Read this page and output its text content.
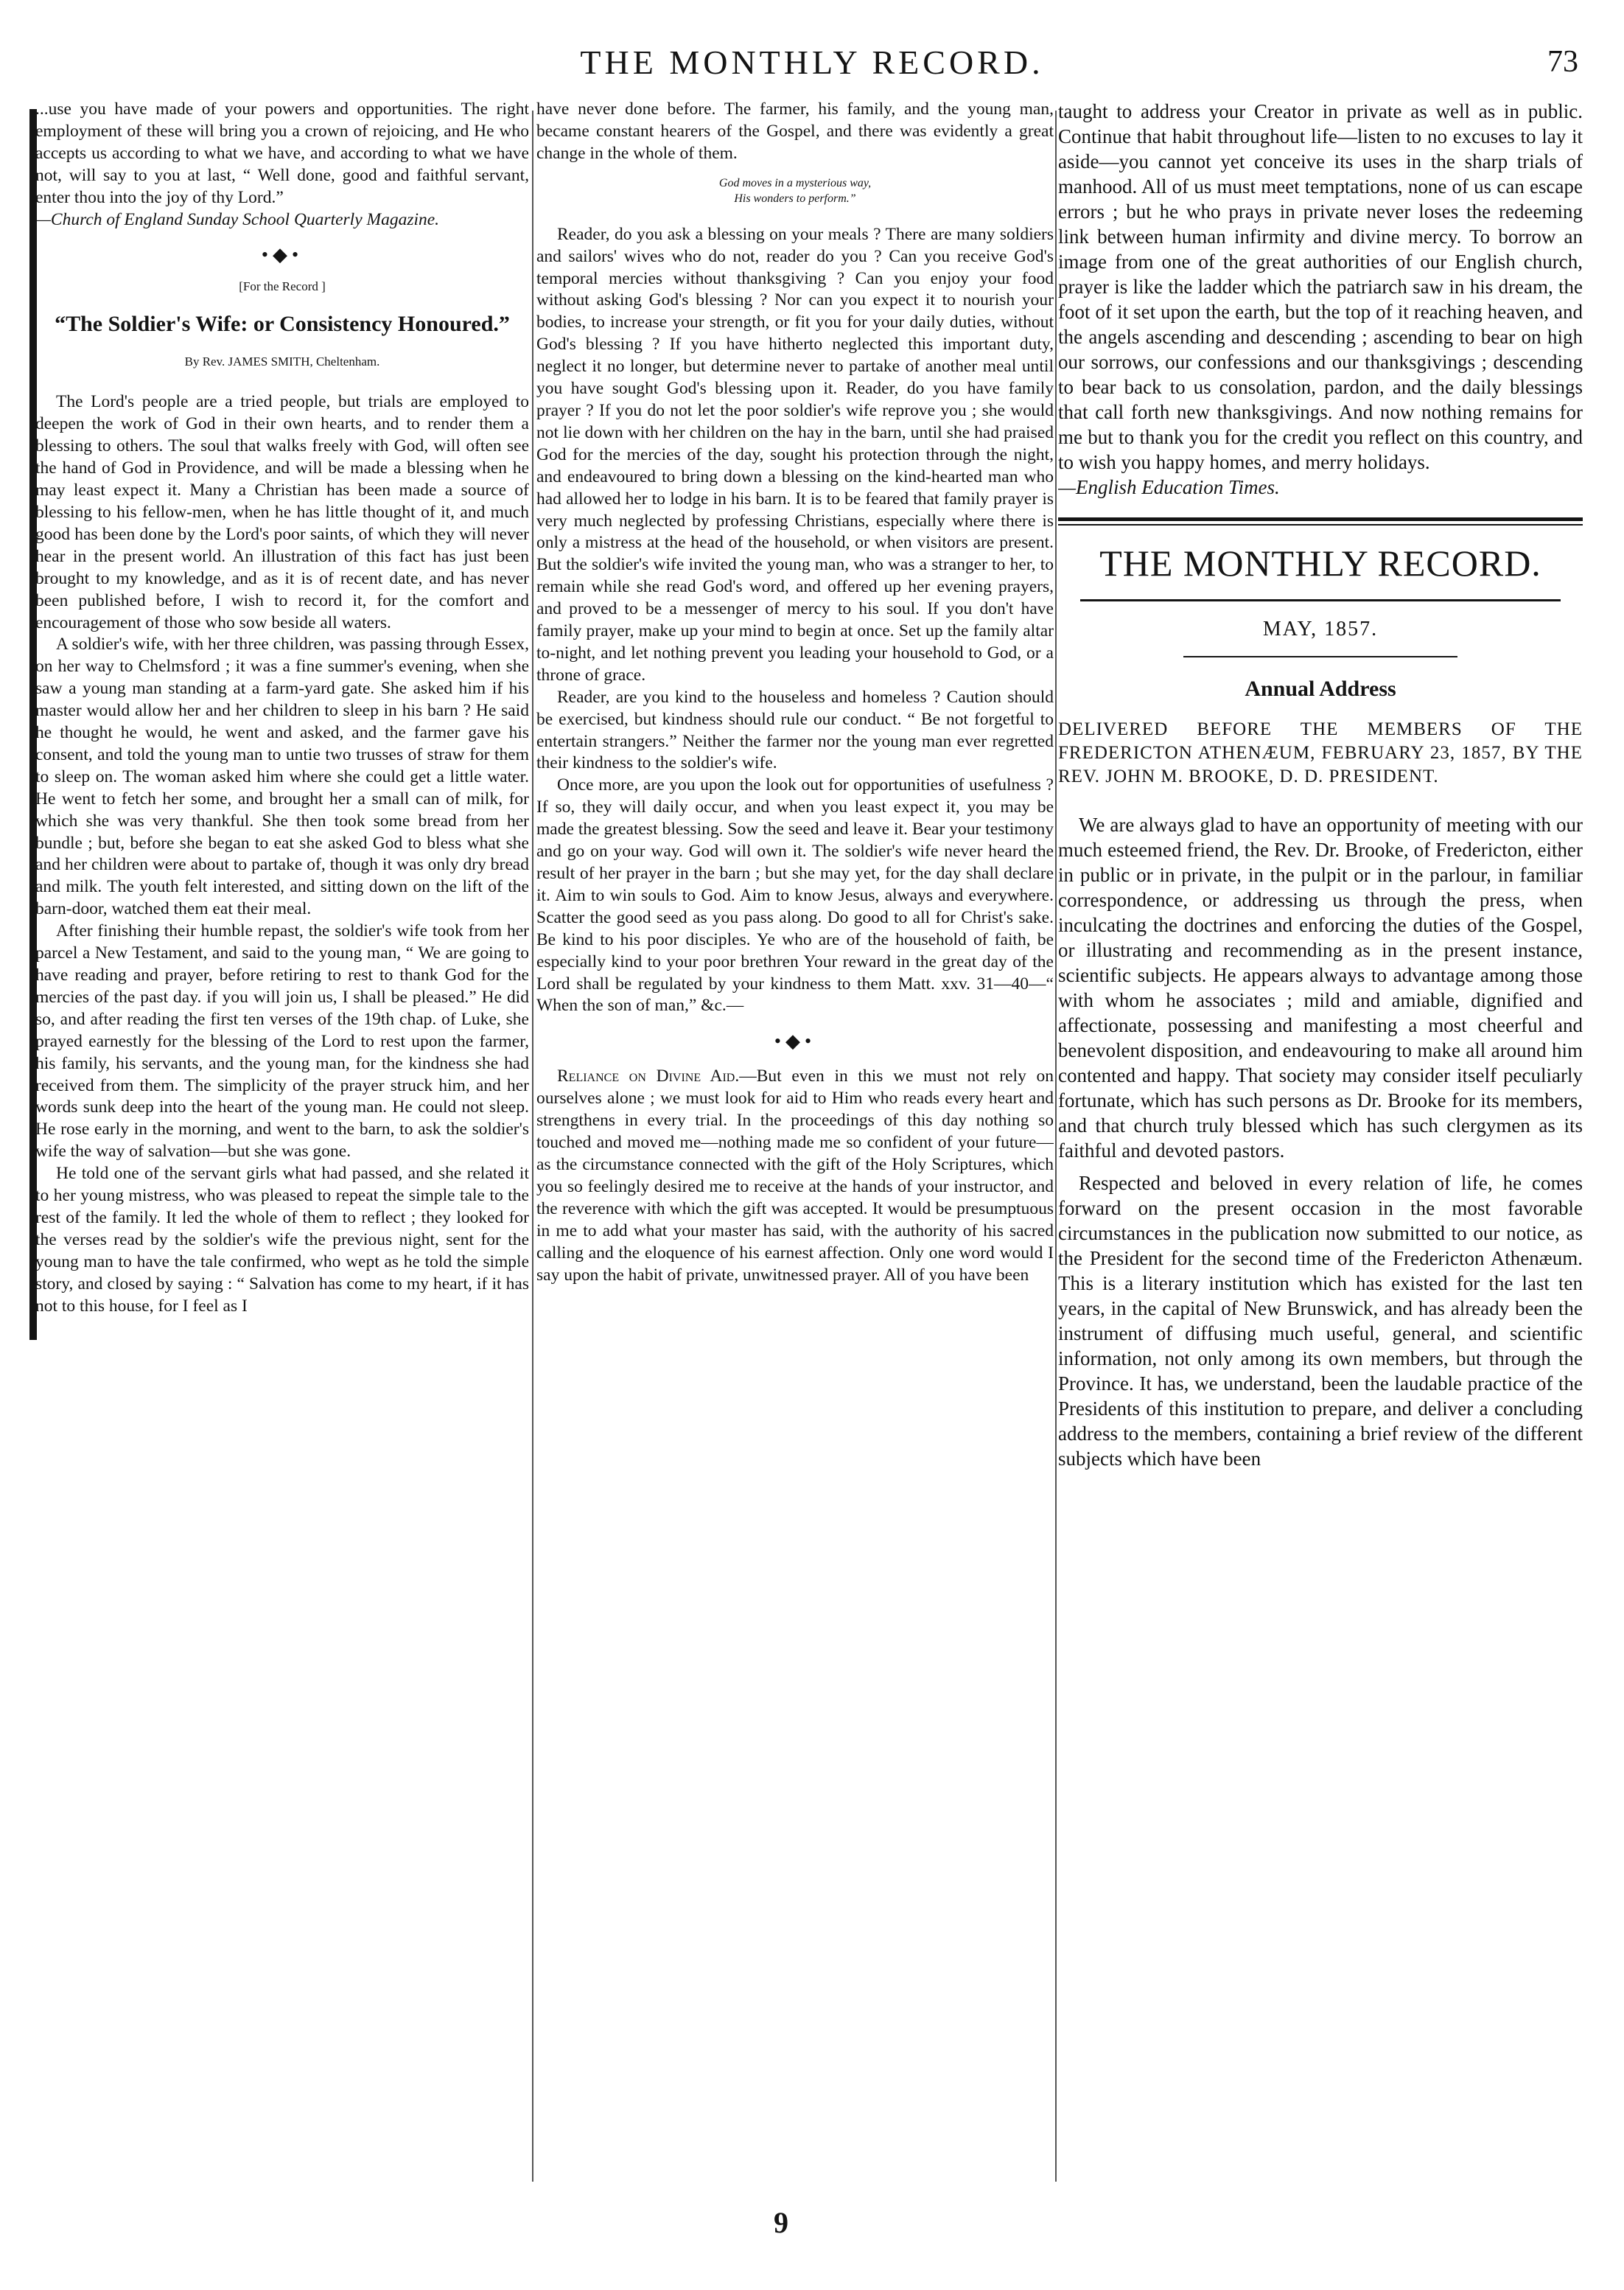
THE MONTHLY RECORD.	73

...use you have made of your powers and opportunities. The right employment of these will bring you a crown of rejoicing, and He who accepts us according to what we have, and according to what we have not, will say to you at last, “ Well done, good and faithful servant, enter thou into the joy of thy Lord.”

—Church of England Sunday School Quarterly Magazine.

•◆•
[For the Record ]
“The Soldier's Wife: or Consistency Honoured.”
By Rev. JAMES SMITH, Cheltenham.

The Lord's people are a tried people, but trials are employed to deepen the work of God in their own hearts, and to render them a blessing to others. The soul that walks freely with God, will often see the hand of God in Providence, and will be made a blessing when he may least expect it. Many a Christian has been made a source of blessing to his fellow-men, when he has little thought of it, and much good has been done by the Lord's poor saints, of which they will never hear in the present world. An illustration of this fact has just been brought to my knowledge, and as it is of recent date, and has never been published before, I wish to record it, for the comfort and encouragement of those who sow beside all waters.

A soldier's wife, with her three children, was passing through Essex, on her way to Chelmsford ; it was a fine summer's evening, when she saw a young man standing at a farm-yard gate. She asked him if his master would allow her and her children to sleep in his barn ? He said he thought he would, he went and asked, and the farmer gave his consent, and told the young man to untie two trusses of straw for them to sleep on. The woman asked him where she could get a little water. He went to fetch her some, and brought her a small can of milk, for which she was very thankful. She then took some bread from her bundle ; but, before she began to eat she asked God to bless what she and her children were about to partake of, though it was only dry bread and milk. The youth felt interested, and sitting down on the lift of the barn-door, watched them eat their meal.

After finishing their humble repast, the soldier's wife took from her parcel a New Testament, and said to the young man, “ We are going to have reading and prayer, before retiring to rest to thank God for the mercies of the past day. if you will join us, I shall be pleased.” He did so, and after reading the first ten verses of the 19th chap. of Luke, she prayed earnestly for the blessing of the Lord to rest upon the farmer, his family, his servants, and the young man, for the kindness she had received from them. The simplicity of the prayer struck him, and her words sunk deep into the heart of the young man. He could not sleep. He rose early in the morning, and went to the barn, to ask the soldier's wife the way of salvation—but she was gone.

He told one of the servant girls what had passed, and she related it to her young mistress, who was pleased to repeat the simple tale to the rest of the family. It led the whole of them to reflect ; they looked for the verses read by the soldier's wife the previous night, sent for the young man to have the tale confirmed, who wept as he told the simple story, and closed by saying : “ Salvation has come to my heart, if it has not to this house, for I feel as I

have never done before. The farmer, his family, and the young man, became constant hearers of the Gospel, and there was evidently a great change in the whole of them.

God moves in a mysterious way,
His wonders to perform.”

Reader, do you ask a blessing on your meals ? There are many soldiers and sailors' wives who do not, reader do you ? Can you receive God's temporal mercies without thanksgiving ? Can you enjoy your food without asking God's blessing ? Nor can you expect it to nourish your bodies, to increase your strength, or fit you for your daily duties, without God's blessing ? If you have hitherto neglected this important duty, neglect it no longer, but determine never to partake of another meal until you have sought God's blessing upon it. Reader, do you have family prayer ? If you do not let the poor soldier's wife reprove you ; she would not lie down with her children on the hay in the barn, until she had praised God for the mercies of the day, sought his protection through the night, and endeavoured to bring down a blessing on the kind-hearted man who had allowed her to lodge in his barn. It is to be feared that family prayer is very much neglected by professing Christians, especially where there is only a mistress at the head of the household, or when visitors are present. But the soldier's wife invited the young man, who was a stranger to her, to remain while she read God's word, and offered up her evening prayers, and proved to be a messenger of mercy to his soul. If you don't have family prayer, make up your mind to begin at once. Set up the family altar to-night, and let nothing prevent you leading your household to God, or a throne of grace.

Reader, are you kind to the houseless and homeless ? Caution should be exercised, but kindness should rule our conduct. “ Be not forgetful to entertain strangers.” Neither the farmer nor the young man ever regretted their kindness to the soldier's wife.

Once more, are you upon the look out for opportunities of usefulness ? If so, they will daily occur, and when you least expect it, you may be made the greatest blessing. Sow the seed and leave it. Bear your testimony and go on your way. God will own it. The soldier's wife never heard the result of her prayer in the barn ; but she may yet, for the day shall declare it. Aim to win souls to God. Aim to know Jesus, always and everywhere. Scatter the good seed as you pass along. Do good to all for Christ's sake. Be kind to his poor disciples. Ye who are of the household of faith, be especially kind to your poor brethren Your reward in the great day of the Lord shall be regulated by your kindness to them Matt. xxv. 31—40—“ When the son of man,” &c.—

•◆•

Reliance on Divine Aid.—But even in this we must not rely on ourselves alone ; we must look for aid to Him who reads every heart and strengthens in every trial. In the proceedings of this day nothing so touched and moved me—nothing made me so confident of your future—as the circumstance connected with the gift of the Holy Scriptures, which you so feelingly desired me to receive at the hands of your instructor, and the reverence with which the gift was accepted. It would be presumptuous in me to add what your master has said, with the authority of his sacred calling and the eloquence of his earnest affection. Only one word would I say upon the habit of private, unwitnessed prayer. All of you have been

taught to address your Creator in private as well as in public. Continue that habit throughout life—listen to no excuses to lay it aside—you cannot yet conceive its uses in the sharp trials of manhood. All of us must meet temptations, none of us can escape errors ; but he who prays in private never loses the redeeming link between human infirmity and divine mercy. To borrow an image from one of the great authorities of our English church, prayer is like the ladder which the patriarch saw in his dream, the foot of it set upon the earth, but the top of it reaching heaven, and the angels ascending and descending ; ascending to bear on high our sorrows, our confessions and our thanksgivings ; descending to bear back to us consolation, pardon, and the daily blessings that call forth new thanksgivings. And now nothing remains for me but to thank you for the credit you reflect on this country, and to wish you happy homes, and merry holidays.

—English Education Times.

THE MONTHLY RECORD.
MAY, 1857.
Annual Address
DELIVERED BEFORE THE MEMBERS OF THE FREDERICTON ATHENÆUM, FEBRUARY 23, 1857, BY THE REV. JOHN M. BROOKE, D. D. PRESIDENT.

We are always glad to have an opportunity of meeting with our much esteemed friend, the Rev. Dr. Brooke, of Fredericton, either in public or in private, in the pulpit or in the parlour, in familiar correspondence, or addressing us through the press, when inculcating the doctrines and enforcing the duties of the Gospel, or illustrating and recommending as in the present instance, scientific subjects. He appears always to advantage among those with whom he associates ; mild and amiable, dignified and affectionate, possessing and manifesting a most cheerful and benevolent disposition, and endeavouring to make all around him contented and happy. That society may consider itself peculiarly fortunate, which has such persons as Dr. Brooke for its members, and that church truly blessed which has such clergymen as its faithful and devoted pastors.

Respected and beloved in every relation of life, he comes forward on the present occasion in the most favorable circumstances in the publication now submitted to our notice, as the President for the second time of the Fredericton Athenæum. This is a literary institution which has existed for the last ten years, in the capital of New Brunswick, and has already been the instrument of diffusing much useful, general, and scientific information, not only among its own members, but through the Province. It has, we understand, been the laudable practice of the Presidents of this institution to prepare, and deliver a concluding address to the members, containing a brief review of the different subjects which have been

9
